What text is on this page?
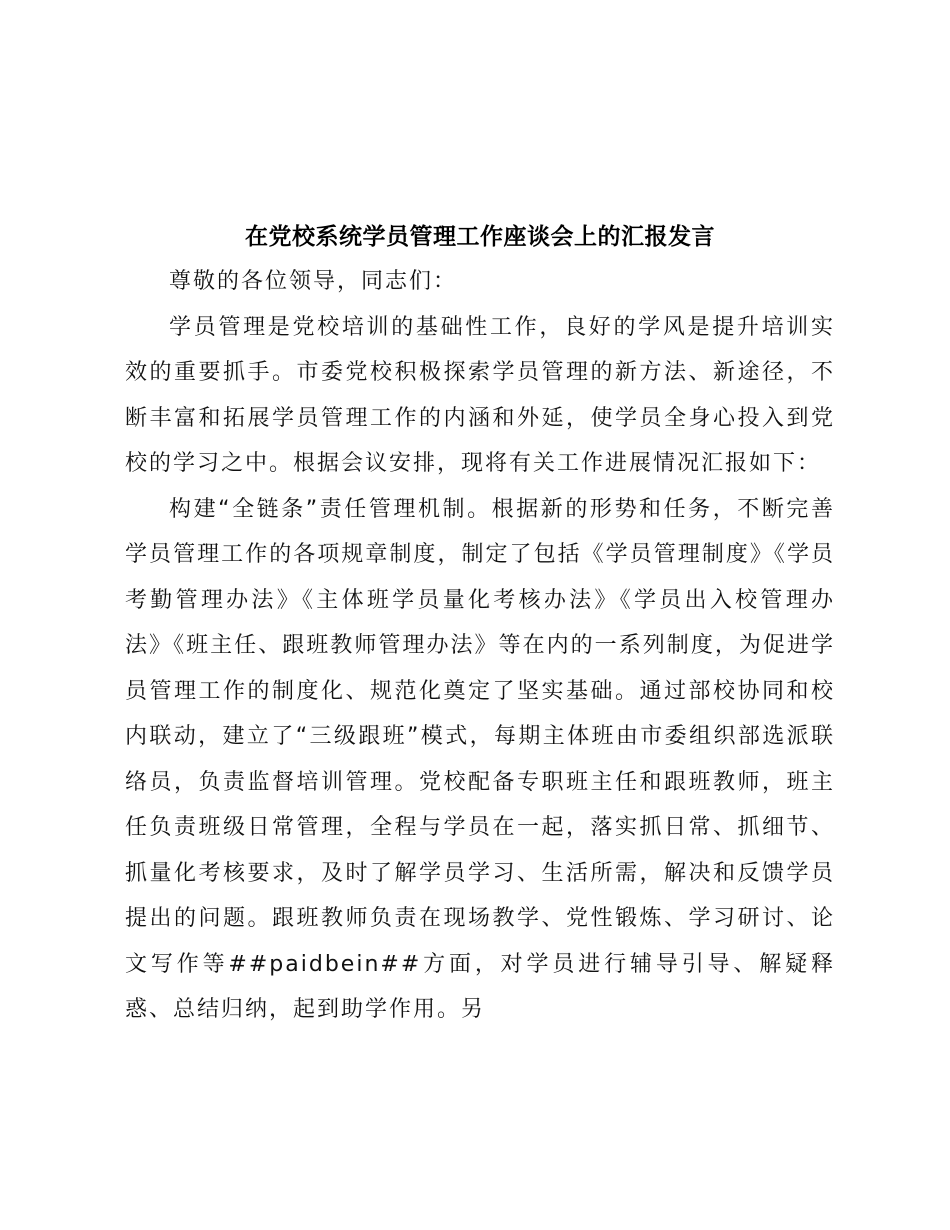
在党校系统学员管理工作座谈会上的汇报发言

尊敬的各位领导，同志们：

学员管理是党校培训的基础性工作，良好的学风是提升培训实效的重要抓手。市委党校积极探索学员管理的新方法、新途径，不断丰富和拓展学员管理工作的内涵和外延，使学员全身心投入到党校的学习之中。根据会议安排，现将有关工作进展情况汇报如下：

构建“全链条”责任管理机制。根据新的形势和任务，不断完善学员管理工作的各项规章制度，制定了包括《学员管理制度》《学员考勤管理办法》《主体班学员量化考核办法》《学员出入校管理办法》《班主任、跟班教师管理办法》等在内的一系列制度，为促进学员管理工作的制度化、规范化奠定了坚实基础。通过部校协同和校内联动，建立了“三级跟班”模式，每期主体班由市委组织部选派联络员，负责监督培训管理。党校配备专职班主任和跟班教师，班主任负责班级日常管理，全程与学员在一起，落实抓日常、抓细节、抓量化考核要求，及时了解学员学习、生活所需，解决和反馈学员提出的问题。跟班教师负责在现场教学、党性锻炼、学习研讨、论文写作等##paidbein##方面，对学员进行辅导引导、解疑释惑、总结归纳，起到助学作用。另
